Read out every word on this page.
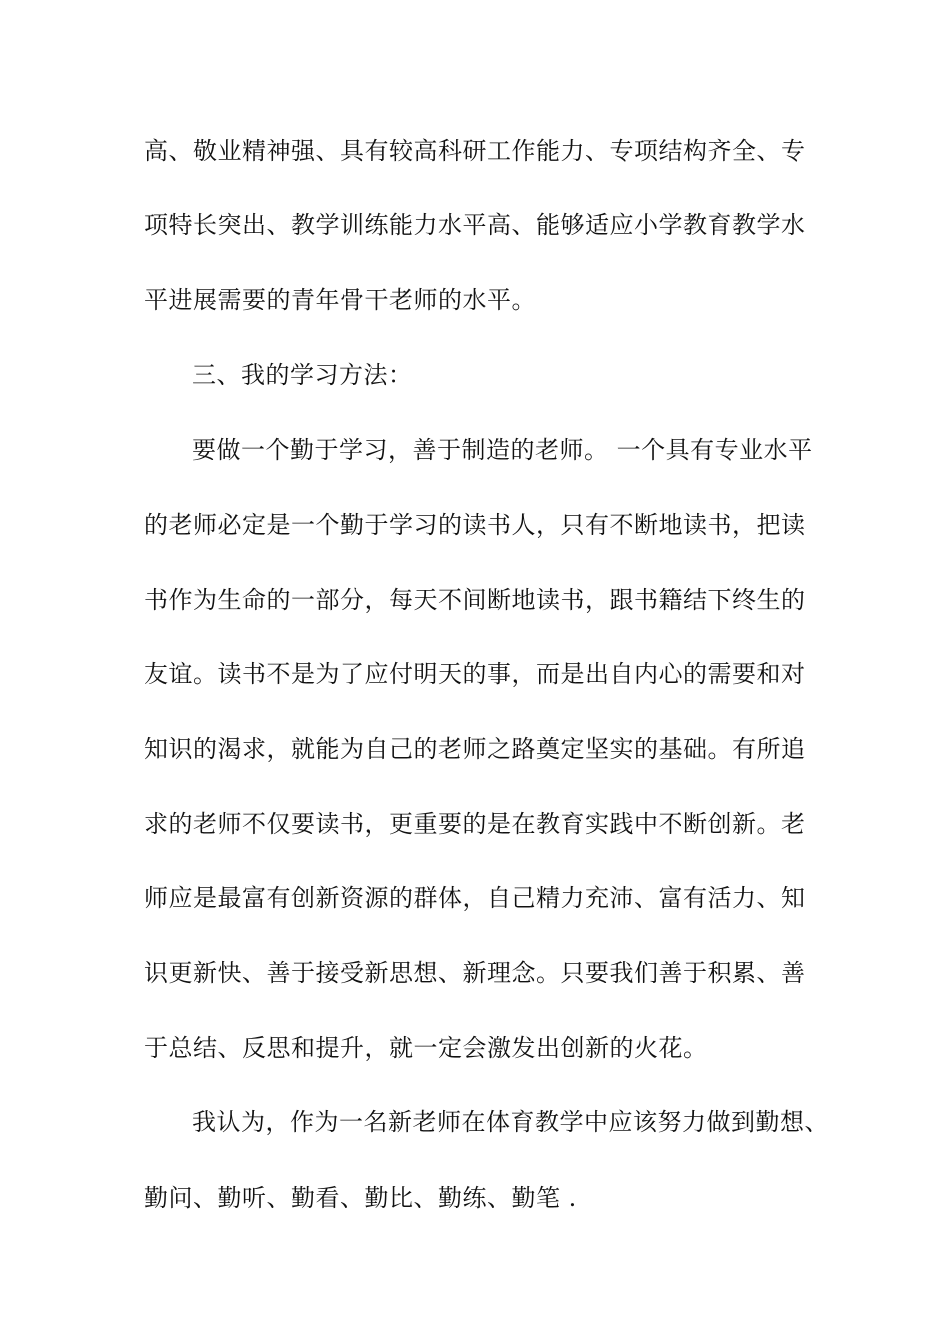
高、敬业精神强、具有较高科研工作能力、专项结构齐全、专
项特长突出、教学训练能力水平高、能够适应小学教育教学水
平进展需要的青年骨干老师的水平。
三、我的学习方法：
要做一个勤于学习，善于制造的老师。 一个具有专业水平
的老师必定是一个勤于学习的读书人，只有不断地读书，把读
书作为生命的一部分，每天不间断地读书，跟书籍结下终生的
友谊。读书不是为了应付明天的事，而是出自内心的需要和对
知识的渴求，就能为自己的老师之路奠定坚实的基础。有所追
求的老师不仅要读书，更重要的是在教育实践中不断创新。老
师应是最富有创新资源的群体，自己精力充沛、富有活力、知
识更新快、善于接受新思想、新理念。只要我们善于积累、善
于总结、反思和提升，就一定会激发出创新的火花。
我认为，作为一名新老师在体育教学中应该努力做到勤想、
勤问、勤听、勤看、勤比、勤练、勤笔 .
